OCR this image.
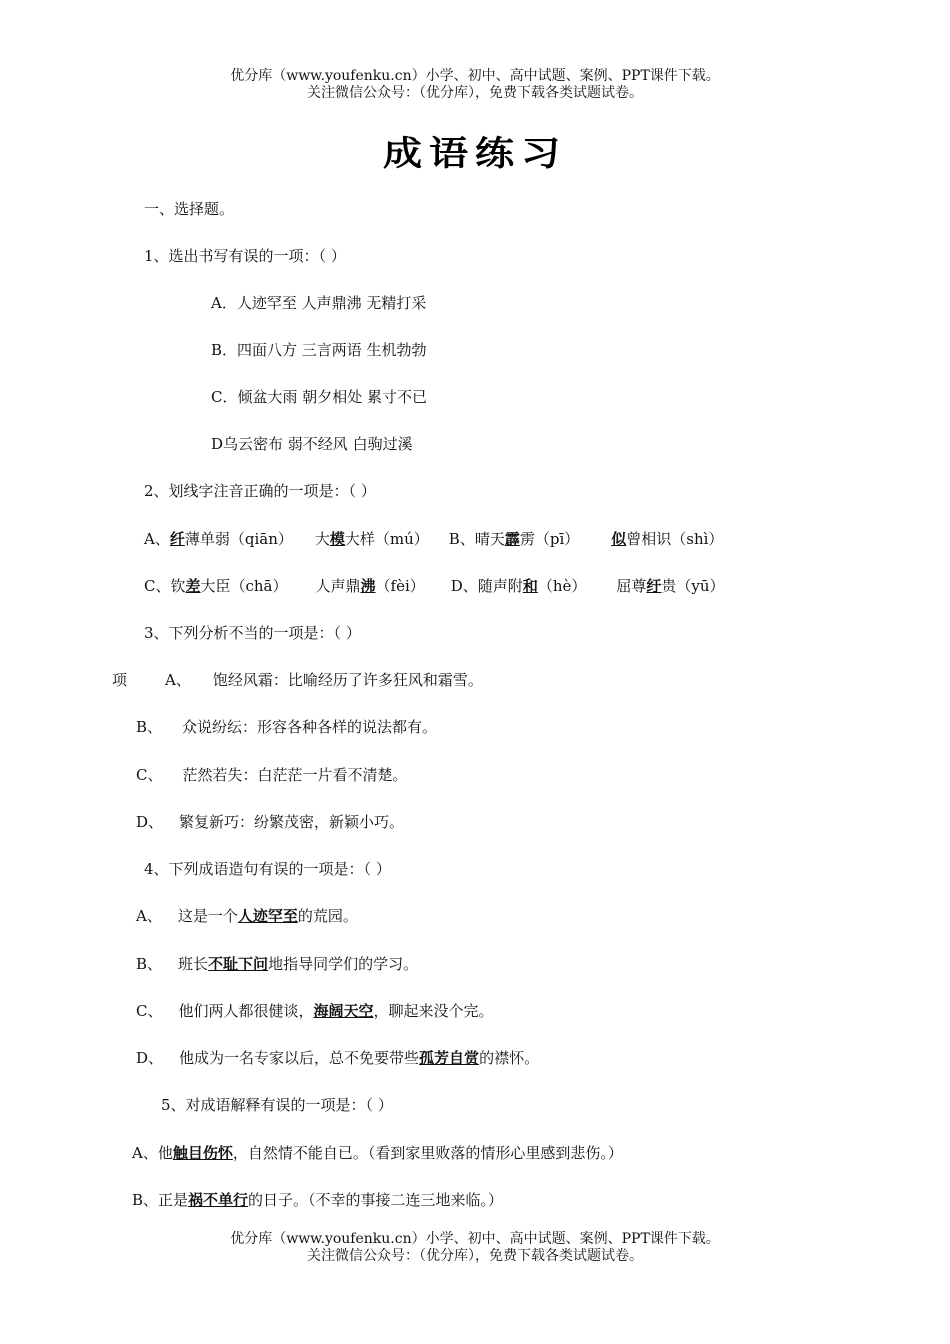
优分库（www.youfenku.cn）小学、初中、高中试题、案例、PPT课件下载。
关注微信公众号：（优分库），免费下载各类试题试卷。
成语练习
一、选择题。
1、选出书写有误的一项：（ ）
A．人迹罕至 人声鼎沸 无精打采
B．四面八方 三言两语 生机勃勃
C．倾盆大雨 朝夕相处 累寸不已
D乌云密布 弱不经风 白驹过溪
2、划线字注音正确的一项是：（ ）
A、纤薄单弱（qiān） 大模大样（mú） B、晴天霹雳（pī） 似曾相识（shì）
C、钦差大臣（chā） 人声鼎沸（fèi） D、随声附和（hè） 屈尊纡贵（yū）
3、下列分析不当的一项是：（ ）
项	A、 饱经风霜：比喻经历了许多狂风和霜雪。
B、 众说纷纭：形容各种各样的说法都有。
C、 茫然若失：白茫茫一片看不清楚。
D、 繁复新巧：纷繁茂密，新颖小巧。
4、下列成语造句有误的一项是：（ ）
A、 这是一个人迹罕至的荒园。
B、 班长不耻下问地指导同学们的学习。
C、 他们两人都很健谈，海阔天空，聊起来没个完。
D、 他成为一名专家以后，总不免要带些孤芳自赏的襟怀。
5、对成语解释有误的一项是：（ ）
A、他触目伤怀，自然情不能自已。（看到家里败落的情形心里感到悲伤。）
B、正是祸不单行的日子。（不幸的事接二连三地来临。）
优分库（www.youfenku.cn）小学、初中、高中试题、案例、PPT课件下载。
关注微信公众号：（优分库），免费下载各类试题试卷。
